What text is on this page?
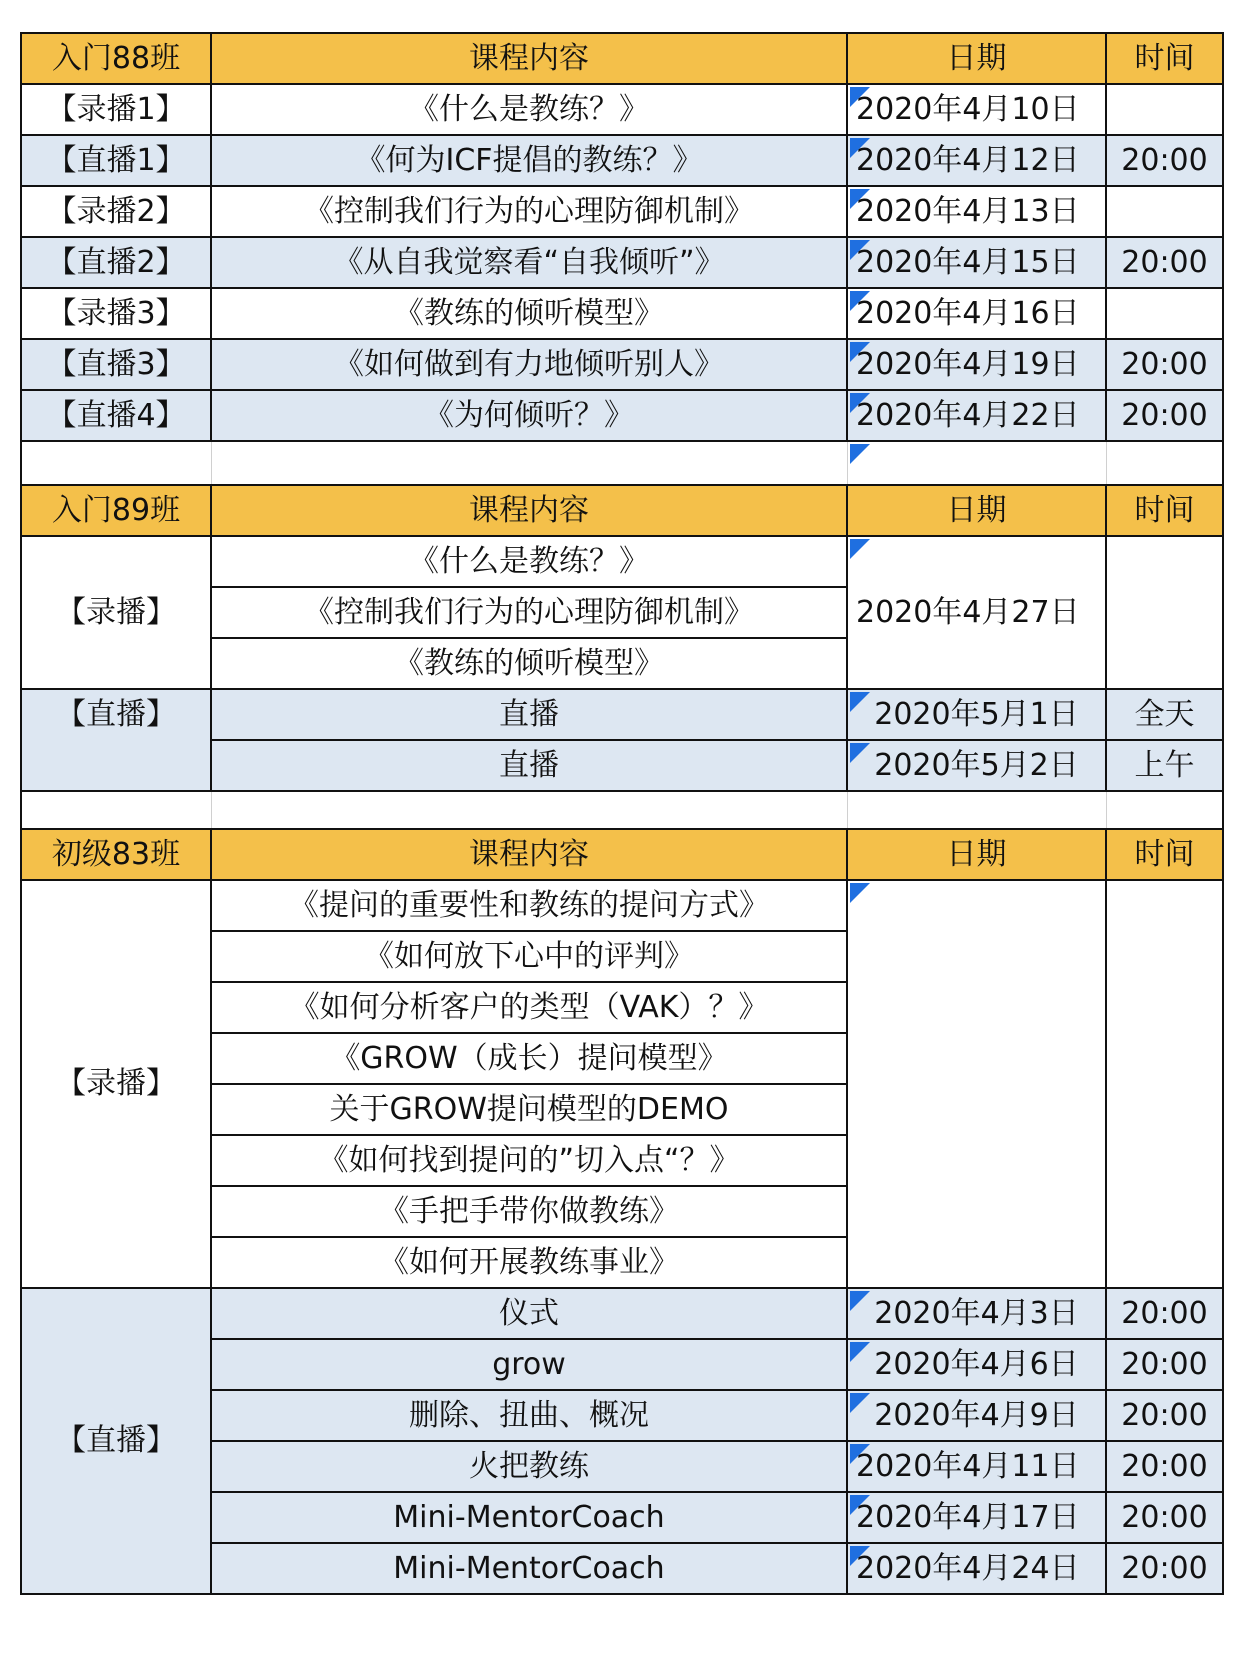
入门88班	课程内容	日期	时间
【录播1】	《什么是教练？》	2020年4月10日	
【直播1】	《何为ICF提倡的教练？》	2020年4月12日	20:00
【录播2】	《控制我们行为的心理防御机制》	2020年4月13日	
【直播2】	《从自我觉察看“自我倾听”》	2020年4月15日	20:00
【录播3】	《教练的倾听模型》	2020年4月16日	
【直播3】	《如何做到有力地倾听别人》	2020年4月19日	20:00
【直播4】	《为何倾听？》	2020年4月22日	20:00

入门89班	课程内容	日期	时间
【录播】	《什么是教练？》	2020年4月27日	
	《控制我们行为的心理防御机制》		
	《教练的倾听模型》		

【直播】	直播	2020年5月1日	全天
	直播	2020年5月2日	上午

初级83班	课程内容	日期	时间
【录播】	《提问的重要性和教练的提问方式》	

	《如何放下心中的评判》		
	《如何分析客户的类型（VAK）？》		
	《GROW（成长）提问模型》		
	关于GROW提问模型的DEMO		
	《如何找到提问的”切入点“？》		
	《手把手带你做教练》		
	《如何开展教练事业》		
【直播】	仪式	2020年4月3日	20:00
	grow	2020年4月6日	20:00
	删除、扭曲、概况	2020年4月9日	20:00
	火把教练	2020年4月11日	20:00
	Mini-MentorCoach	2020年4月17日	20:00
	Mini-MentorCoach	2020年4月24日	20:00
